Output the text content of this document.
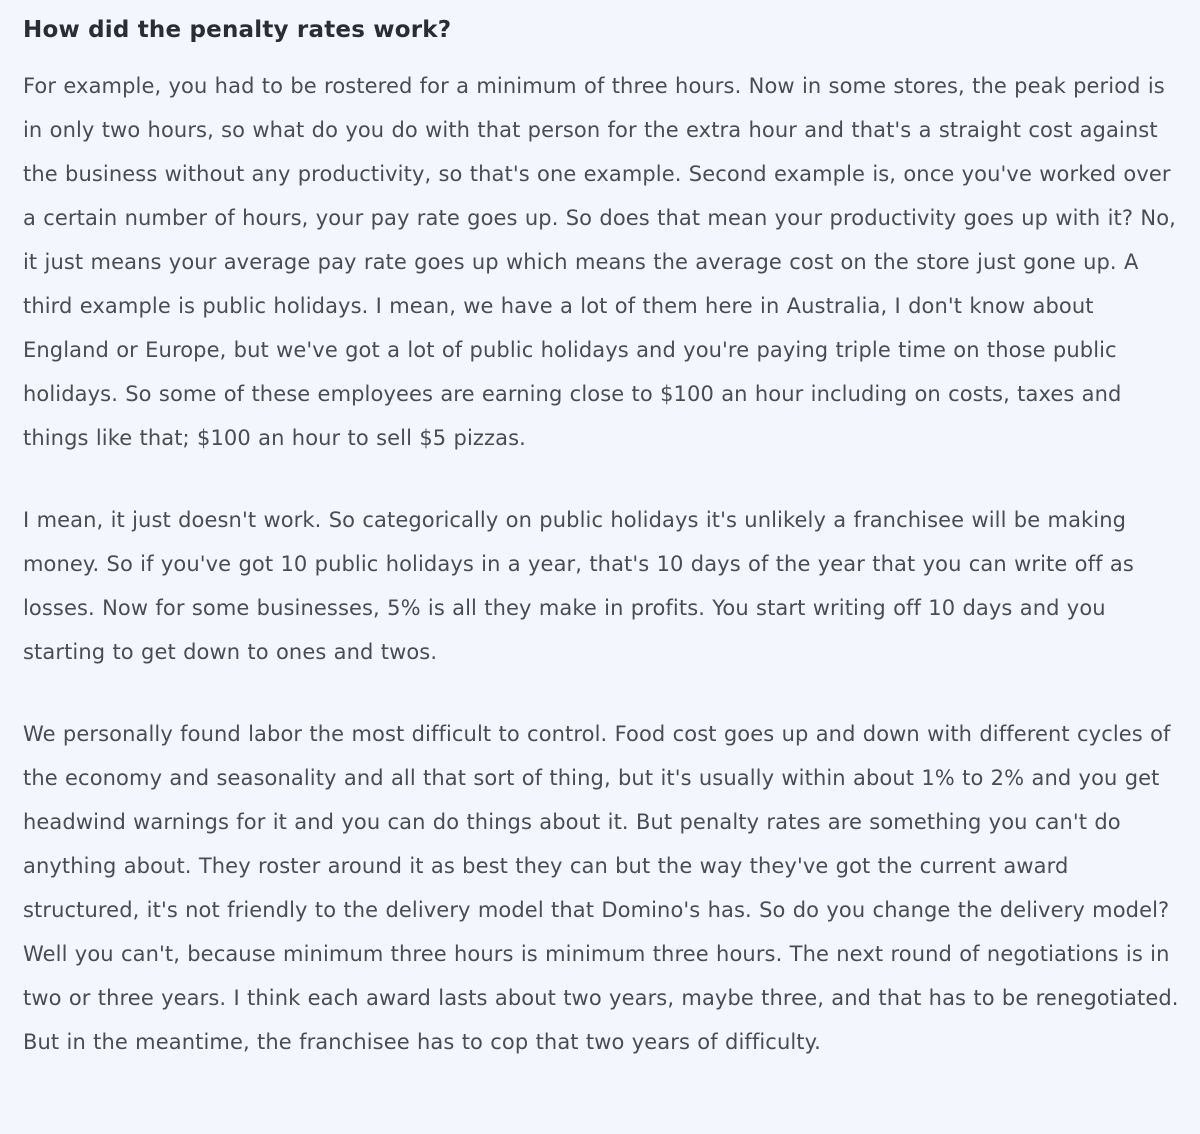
How did the penalty rates work?

For example, you had to be rostered for a minimum of three hours. Now in some stores, the peak period is in only two hours, so what do you do with that person for the extra hour and that's a straight cost against the business without any productivity, so that's one example. Second example is, once you've worked over a certain number of hours, your pay rate goes up. So does that mean your productivity goes up with it? No, it just means your average pay rate goes up which means the average cost on the store just gone up. A third example is public holidays. I mean, we have a lot of them here in Australia, I don't know about England or Europe, but we've got a lot of public holidays and you're paying triple time on those public holidays. So some of these employees are earning close to $100 an hour including on costs, taxes and things like that; $100 an hour to sell $5 pizzas.

I mean, it just doesn't work. So categorically on public holidays it's unlikely a franchisee will be making money. So if you've got 10 public holidays in a year, that's 10 days of the year that you can write off as losses. Now for some businesses, 5% is all they make in profits. You start writing off 10 days and you starting to get down to ones and twos.

We personally found labor the most difficult to control. Food cost goes up and down with different cycles of the economy and seasonality and all that sort of thing, but it's usually within about 1% to 2% and you get headwind warnings for it and you can do things about it. But penalty rates are something you can't do anything about. They roster around it as best they can but the way they've got the current award structured, it's not friendly to the delivery model that Domino's has. So do you change the delivery model? Well you can't, because minimum three hours is minimum three hours. The next round of negotiations is in two or three years. I think each award lasts about two years, maybe three, and that has to be renegotiated. But in the meantime, the franchisee has to cop that two years of difficulty.
